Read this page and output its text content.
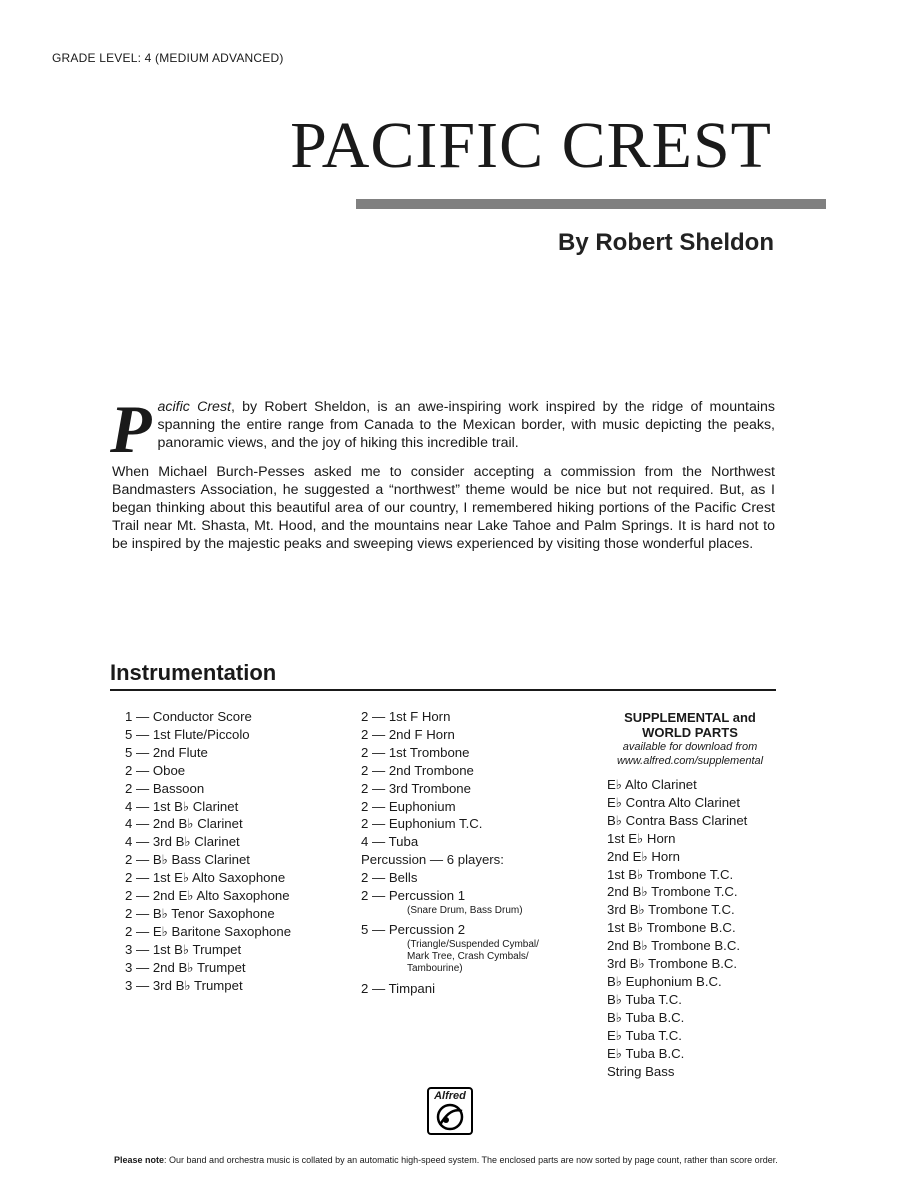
GRADE LEVEL: 4 (MEDIUM ADVANCED)
PACIFIC CREST
By Robert Sheldon

Pacific Crest, by Robert Sheldon, is an awe-inspiring work inspired by the ridge of mountains spanning the entire range from Canada to the Mexican border, with music depicting the peaks, panoramic views, and the joy of hiking this incredible trail.

When Michael Burch-Pesses asked me to consider accepting a commission from the Northwest Bandmasters Association, he suggested a “northwest” theme would be nice but not required. But, as I began thinking about this beautiful area of our country, I remembered hiking portions of the Pacific Crest Trail near Mt. Shasta, Mt. Hood, and the mountains near Lake Tahoe and Palm Springs. It is hard not to be inspired by the majestic peaks and sweeping views experienced by visiting those wonderful places.

Instrumentation
1 — Conductor Score
5 — 1st Flute/Piccolo
5 — 2nd Flute
2 — Oboe
2 — Bassoon
4 — 1st B♭ Clarinet
4 — 2nd B♭ Clarinet
4 — 3rd B♭ Clarinet
2 — B♭ Bass Clarinet
2 — 1st E♭ Alto Saxophone
2 — 2nd E♭ Alto Saxophone
2 — B♭ Tenor Saxophone
2 — E♭ Baritone Saxophone
3 — 1st B♭ Trumpet
3 — 2nd B♭ Trumpet
3 — 3rd B♭ Trumpet
2 — 1st F Horn
2 — 2nd F Horn
2 — 1st Trombone
2 — 2nd Trombone
2 — 3rd Trombone
2 — Euphonium
2 — Euphonium T.C.
4 — Tuba
Percussion — 6 players:
2 — Bells
2 — Percussion 1
(Snare Drum, Bass Drum)
5 — Percussion 2
(Triangle/Suspended Cymbal/
Mark Tree, Crash Cymbals/
Tambourine)
2 — Timpani
SUPPLEMENTAL and
WORLD PARTS
available for download from
www.alfred.com/supplemental
E♭ Alto Clarinet
E♭ Contra Alto Clarinet
B♭ Contra Bass Clarinet
1st E♭ Horn
2nd E♭ Horn
1st B♭ Trombone T.C.
2nd B♭ Trombone T.C.
3rd B♭ Trombone T.C.
1st B♭ Trombone B.C.
2nd B♭ Trombone B.C.
3rd B♭ Trombone B.C.
B♭ Euphonium B.C.
B♭ Tuba T.C.
B♭ Tuba B.C.
E♭ Tuba T.C.
E♭ Tuba B.C.
String Bass
Alfred
Please note: Our band and orchestra music is collated by an automatic high-speed system. The enclosed parts are now sorted by page count, rather than score order.
